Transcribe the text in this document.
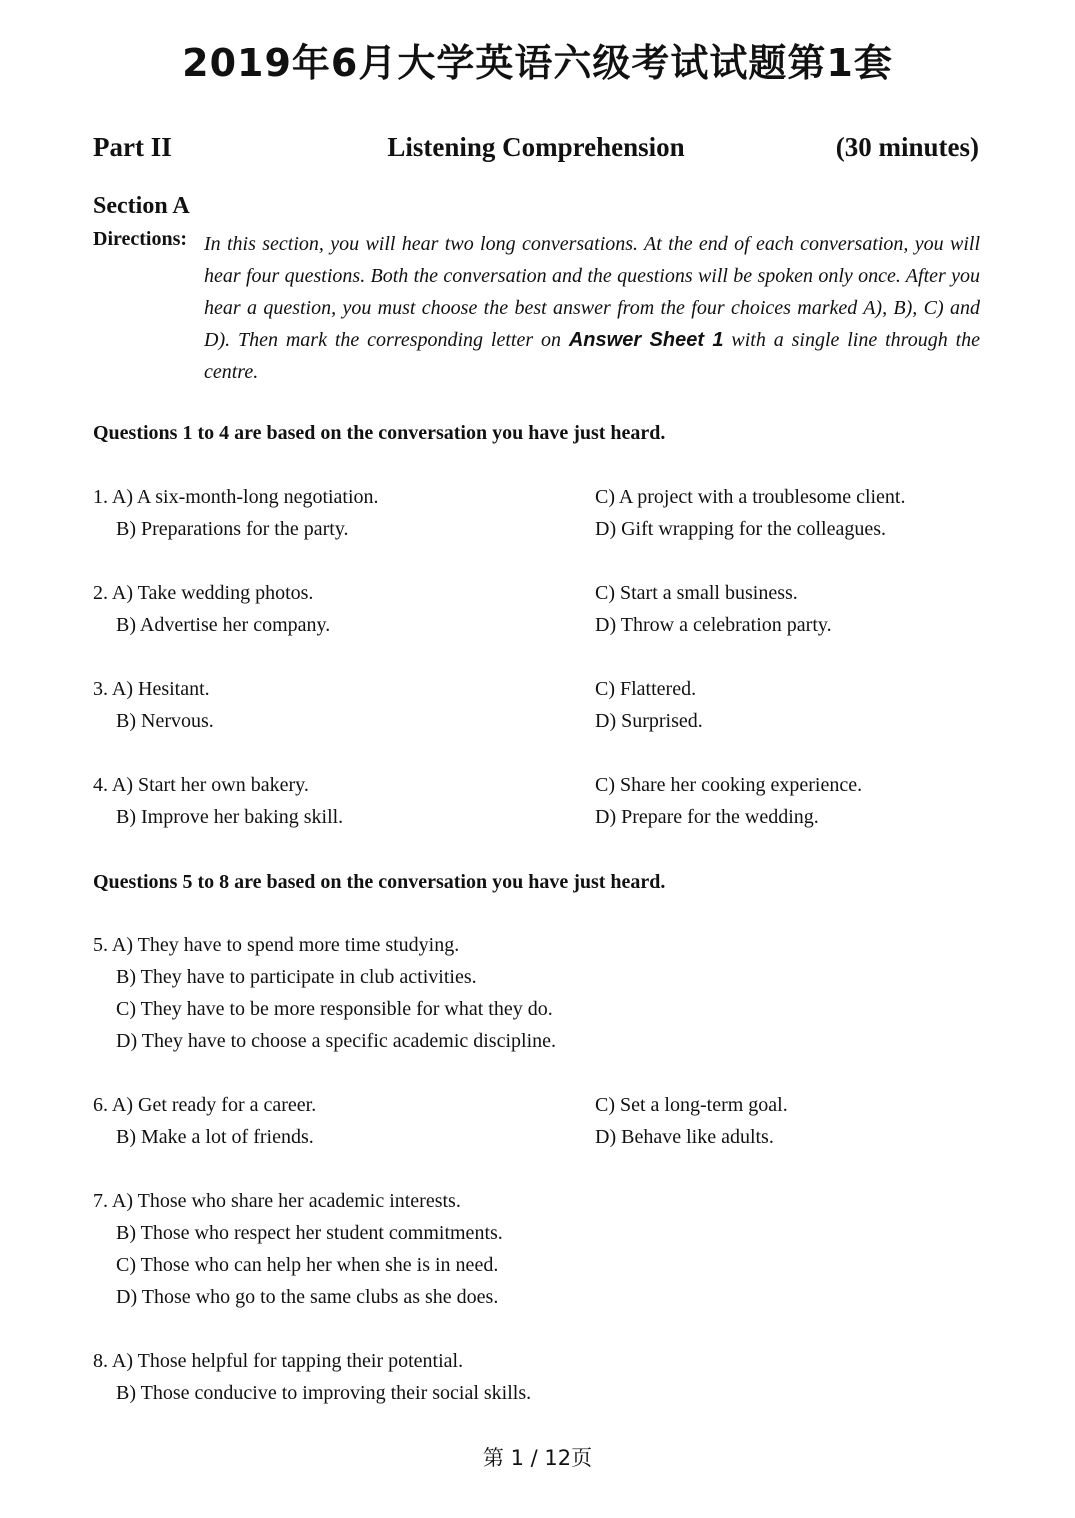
2019年6月大学英语六级考试试题第1套
Part II	Listening Comprehension	(30 minutes)
Section A
Directions: In this section, you will hear two long conversations. At the end of each conversation, you will hear four questions. Both the conversation and the questions will be spoken only once. After you hear a question, you must choose the best answer from the four choices marked A), B), C) and D). Then mark the corresponding letter on Answer Sheet 1 with a single line through the centre.
Questions 1 to 4 are based on the conversation you have just heard.
1. A) A six-month-long negotiation.
B) Preparations for the party.
C) A project with a troublesome client.
D) Gift wrapping for the colleagues.
2. A) Take wedding photos.
B) Advertise her company.
C) Start a small business.
D) Throw a celebration party.
3. A) Hesitant.
B) Nervous.
C) Flattered.
D) Surprised.
4. A) Start her own bakery.
B) Improve her baking skill.
C) Share her cooking experience.
D) Prepare for the wedding.
Questions 5 to 8 are based on the conversation you have just heard.
5. A) They have to spend more time studying.
B) They have to participate in club activities.
C) They have to be more responsible for what they do.
D) They have to choose a specific academic discipline.
6. A) Get ready for a career.
B) Make a lot of friends.
C) Set a long-term goal.
D) Behave like adults.
7. A) Those who share her academic interests.
B) Those who respect her student commitments.
C) Those who can help her when she is in need.
D) Those who go to the same clubs as she does.
8. A) Those helpful for tapping their potential.
B) Those conducive to improving their social skills.
第 1 / 12页
